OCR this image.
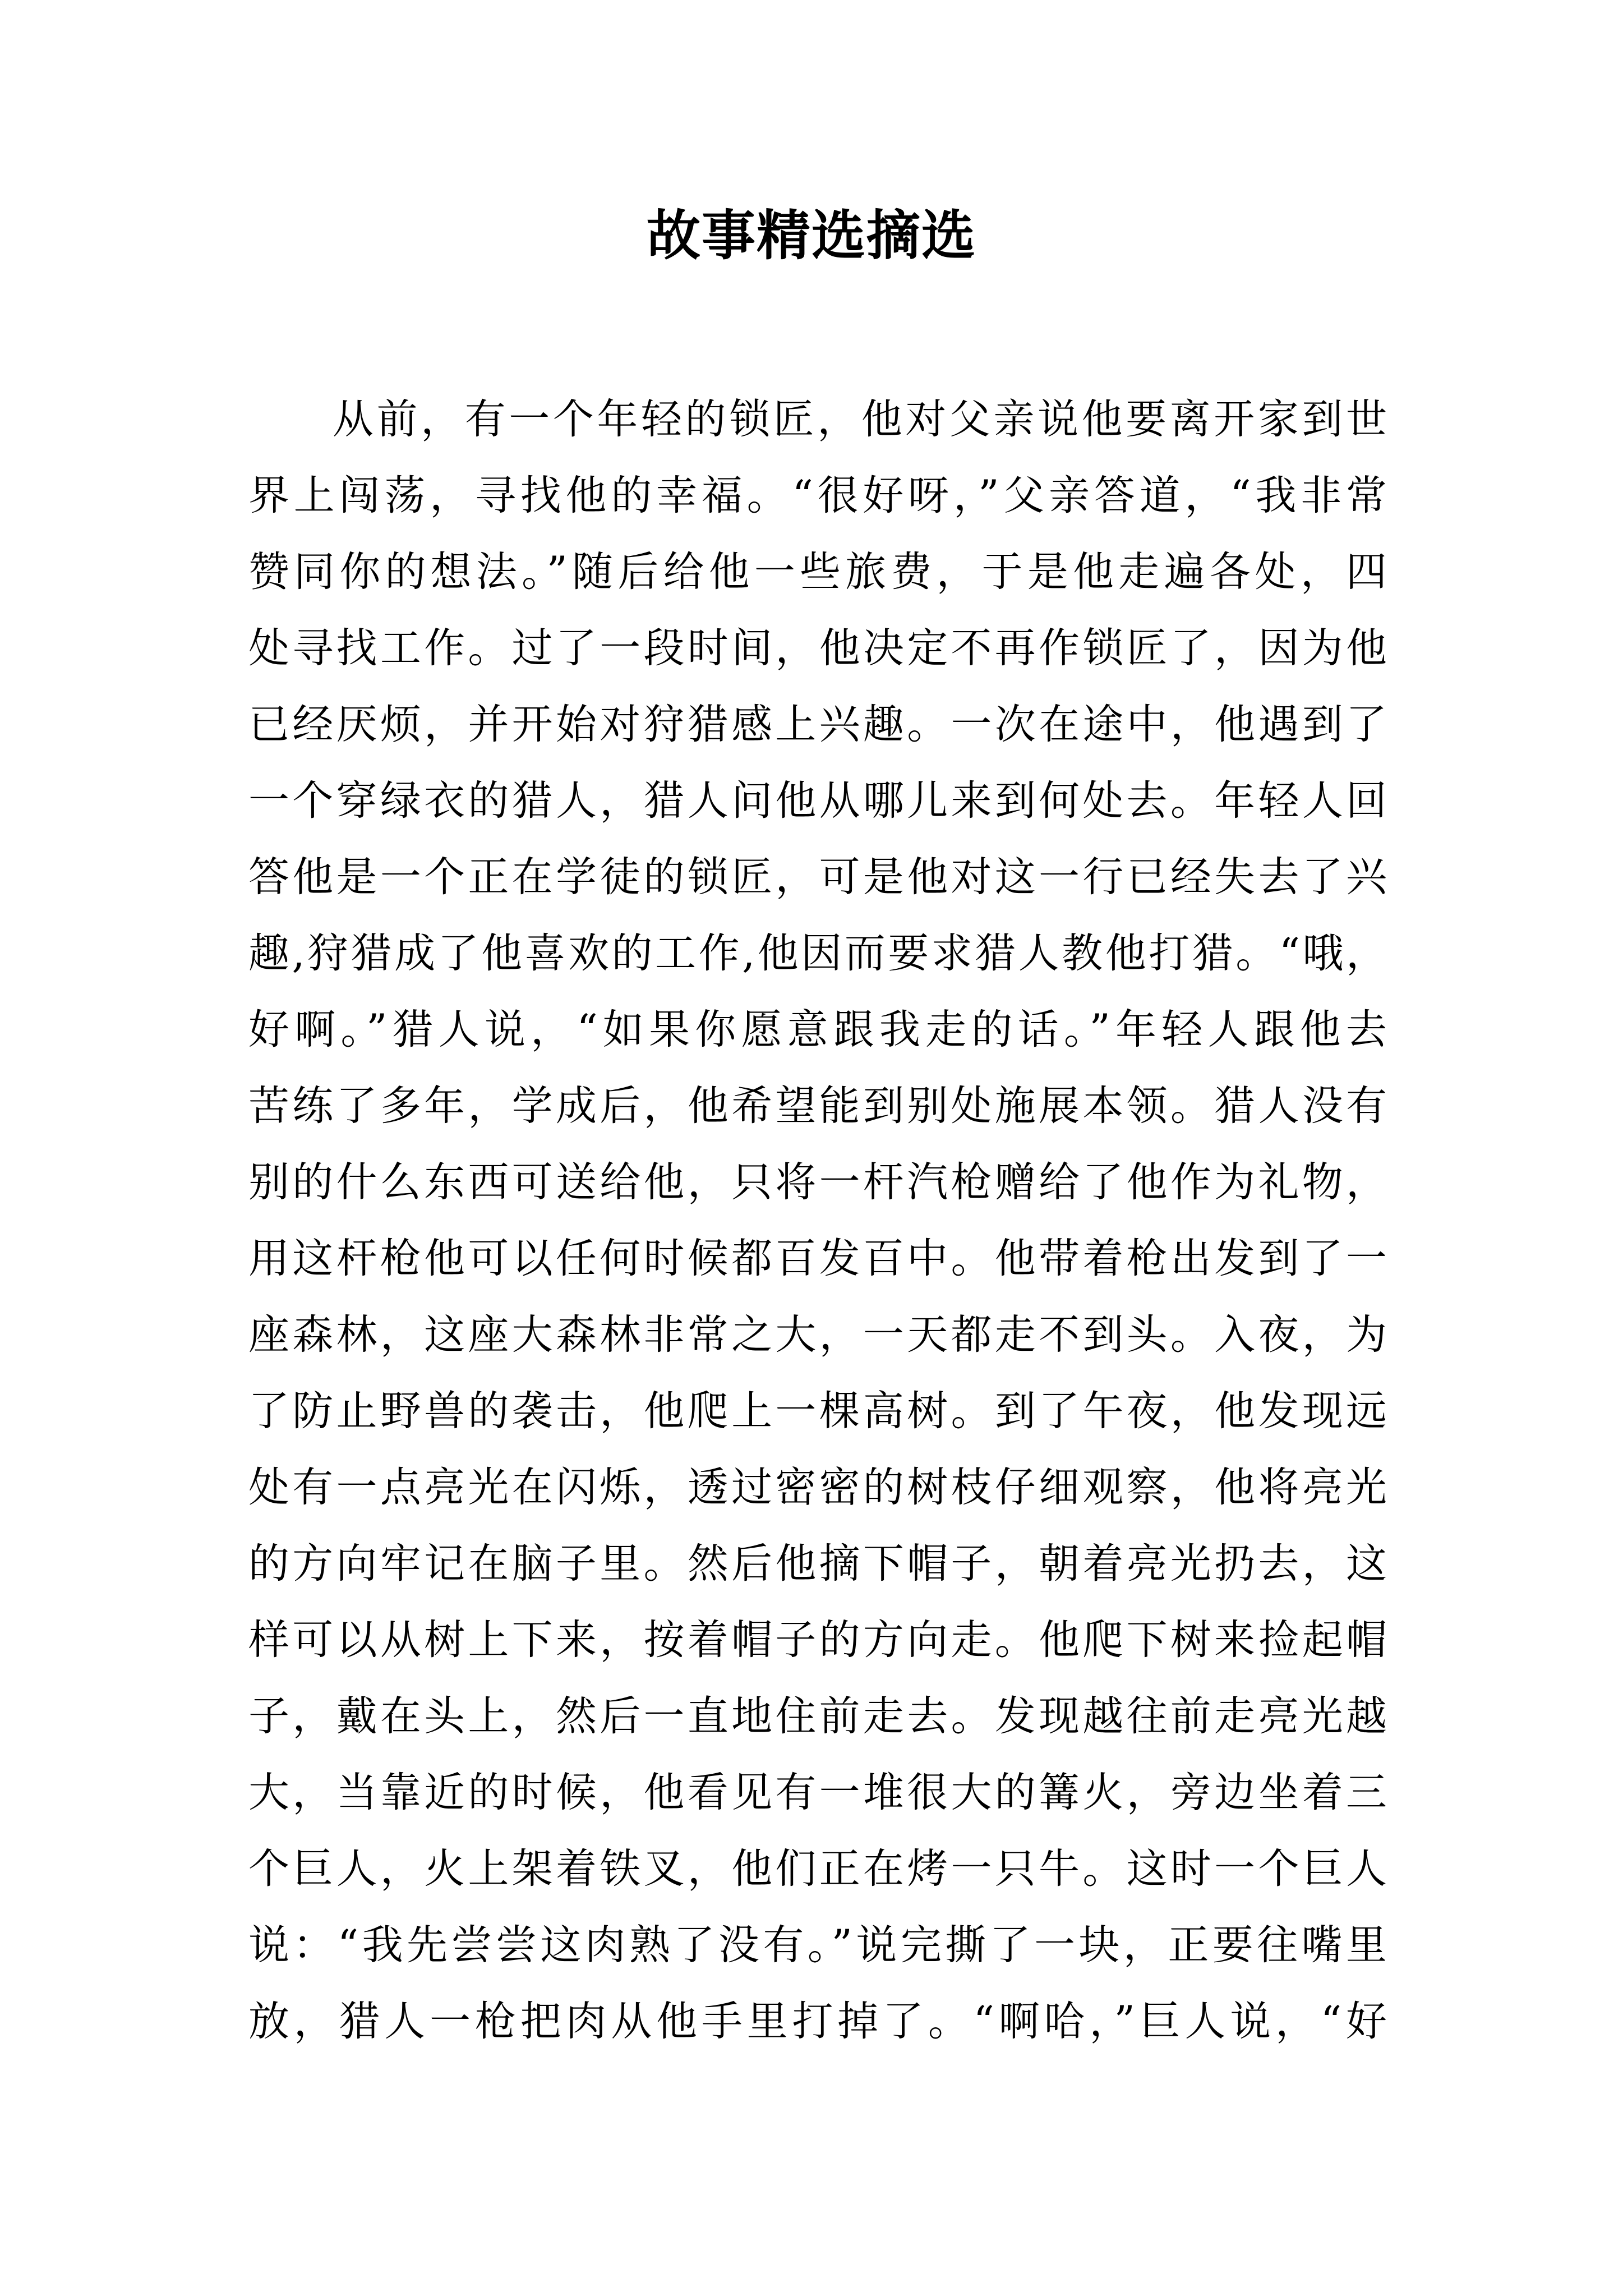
故事精选摘选
从前，有一个年轻的锁匠，他对父亲说他要离开家到世
界上闯荡，寻找他的幸福。“很好呀，”父亲答道，“我非常
赞同你的想法。”随后给他一些旅费，于是他走遍各处，四
处寻找工作。过了一段时间，他决定不再作锁匠了，因为他
已经厌烦，并开始对狩猎感上兴趣。一次在途中，他遇到了
一个穿绿衣的猎人，猎人问他从哪儿来到何处去。年轻人回
答他是一个正在学徒的锁匠，可是他对这一行已经失去了兴
趣,狩猎成了他喜欢的工作,他因而要求猎人教他打猎。“哦，
好啊。”猎人说，“如果你愿意跟我走的话。”年轻人跟他去
苦练了多年，学成后，他希望能到别处施展本领。猎人没有
别的什么东西可送给他，只将一杆汽枪赠给了他作为礼物，
用这杆枪他可以任何时候都百发百中。他带着枪出发到了一
座森林，这座大森林非常之大，一天都走不到头。入夜，为
了防止野兽的袭击，他爬上一棵高树。到了午夜，他发现远
处有一点亮光在闪烁，透过密密的树枝仔细观察，他将亮光
的方向牢记在脑子里。然后他摘下帽子，朝着亮光扔去，这
样可以从树上下来，按着帽子的方向走。他爬下树来捡起帽
子，戴在头上，然后一直地住前走去。发现越往前走亮光越
大，当靠近的时候，他看见有一堆很大的篝火，旁边坐着三
个巨人，火上架着铁叉，他们正在烤一只牛。这时一个巨人
说：“我先尝尝这肉熟了没有。”说完撕了一块，正要往嘴里
放，猎人一枪把肉从他手里打掉了。“啊哈，”巨人说，“好
